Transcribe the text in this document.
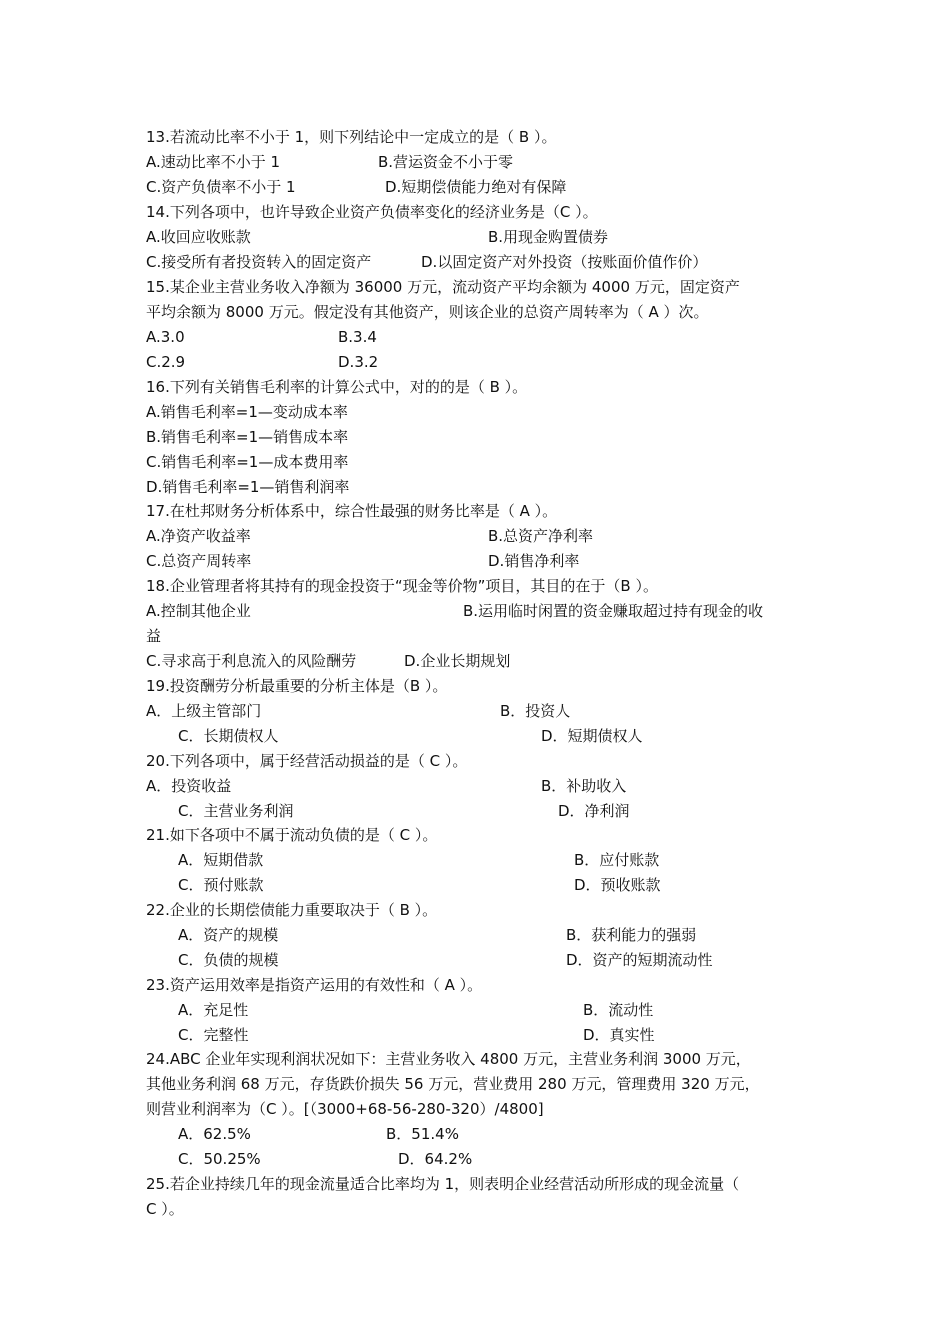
13.若流动比率不小于 1，则下列结论中一定成立的是（ B ）。
A.速动比率不小于 1	B.营运资金不小于零
C.资产负债率不小于 1	D.短期偿债能力绝对有保障
14.下列各项中，也许导致企业资产负债率变化的经济业务是（C ）。
A.收回应收账款	B.用现金购置债券
C.接受所有者投资转入的固定资产	D.以固定资产对外投资（按账面价值作价）
15.某企业主营业务收入净额为 36000 万元，流动资产平均余额为 4000 万元，固定资产
平均余额为 8000 万元。假定没有其他资产，则该企业的总资产周转率为（ A ）次。
A.3.0	B.3.4
C.2.9	D.3.2
16.下列有关销售毛利率的计算公式中，对的的是（ B ）。
A.销售毛利率=1—变动成本率
B.销售毛利率=1—销售成本率
C.销售毛利率=1—成本费用率
D.销售毛利率=1—销售利润率
17.在杜邦财务分析体系中，综合性最强的财务比率是（ A ）。
A.净资产收益率	B.总资产净利率
C.总资产周转率	D.销售净利率
18.企业管理者将其持有的现金投资于“现金等价物”项目，其目的在于（B ）。
A.控制其他企业	B.运用临时闲置的资金赚取超过持有现金的收
益
C.寻求高于利息流入的风险酬劳	D.企业长期规划
19.投资酬劳分析最重要的分析主体是（B ）。
A．上级主管部门	B．投资人
C．长期债权人	D．短期债权人
20.下列各项中，属于经营活动损益的是（ C ）。
A．投资收益	B．补助收入
C．主营业务利润	D．净利润
21.如下各项中不属于流动负债的是（ C ）。
A．短期借款	B．应付账款
C．预付账款	D．预收账款
22.企业的长期偿债能力重要取决于（ B ）。
A．资产的规模	B．获利能力的强弱
C．负债的规模	D．资产的短期流动性
23.资产运用效率是指资产运用的有效性和（ A ）。
A．充足性	B．流动性
C．完整性	D．真实性
24.ABC 企业年实现利润状况如下：主营业务收入 4800 万元，主营业务利润 3000 万元，
其他业务利润 68 万元，存货跌价损失 56 万元，营业费用 280 万元，管理费用 320 万元，
则营业利润率为（C ）。[（3000+68-56-280-320）/4800]
A．62.5%	B．51.4%
C．50.25%	D．64.2%
25.若企业持续几年的现金流量适合比率均为 1，则表明企业经营活动所形成的现金流量（
C ）。
